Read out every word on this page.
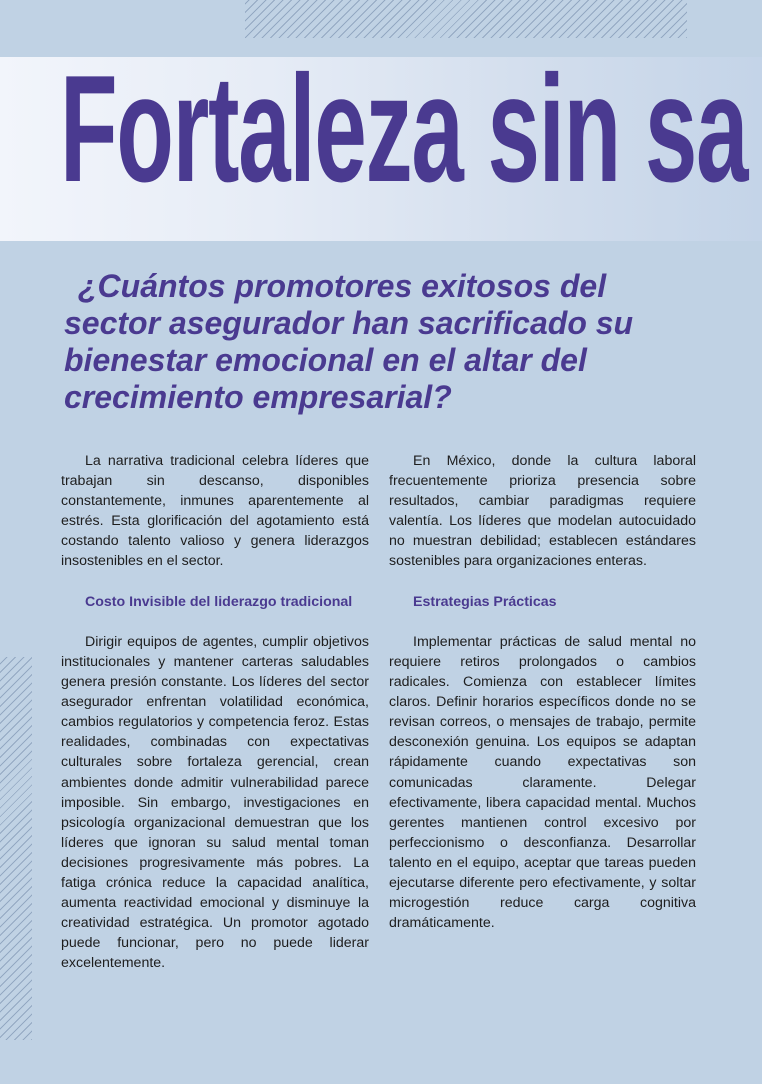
Fortaleza sin sa

¿Cuántos promotores exitosos del sector asegurador han sacrificado su bienestar emocional en el altar del crecimiento empresarial?

La narrativa tradicional celebra líderes que trabajan sin descanso, disponibles constantemente, inmunes aparentemente al estrés. Esta glorificación del agotamiento está costando talento valioso y genera liderazgos insostenibles en el sector.

Costo Invisible del liderazgo tradicional

Dirigir equipos de agentes, cumplir objetivos institucionales y mantener carteras saludables genera presión constante. Los líderes del sector asegurador enfrentan volatilidad económica, cambios regulatorios y competencia feroz. Estas realidades, combinadas con expectativas culturales sobre fortaleza gerencial, crean ambientes donde admitir vulnerabilidad parece imposible. Sin embargo, investigaciones en psicología organizacional demuestran que los líderes que ignoran su salud mental toman decisiones progresivamente más pobres. La fatiga crónica reduce la capacidad analítica, aumenta reactividad emocional y disminuye la creatividad estratégica. Un promotor agotado puede funcionar, pero no puede liderar excelentemente.

En México, donde la cultura laboral frecuentemente prioriza presencia sobre resultados, cambiar paradigmas requiere valentía. Los líderes que modelan autocuidado no muestran debilidad; establecen estándares sostenibles para organizaciones enteras.

Estrategias Prácticas

Implementar prácticas de salud mental no requiere retiros prolongados o cambios radicales. Comienza con establecer límites claros. Definir horarios específicos donde no se revisan correos, o mensajes de trabajo, permite desconexión genuina. Los equipos se adaptan rápidamente cuando expectativas son comunicadas claramente. Delegar efectivamente, libera capacidad mental. Muchos gerentes mantienen control excesivo por perfeccionismo o desconfianza. Desarrollar talento en el equipo, aceptar que tareas pueden ejecutarse diferente pero efectivamente, y soltar microgestión reduce carga cognitiva dramáticamente.
